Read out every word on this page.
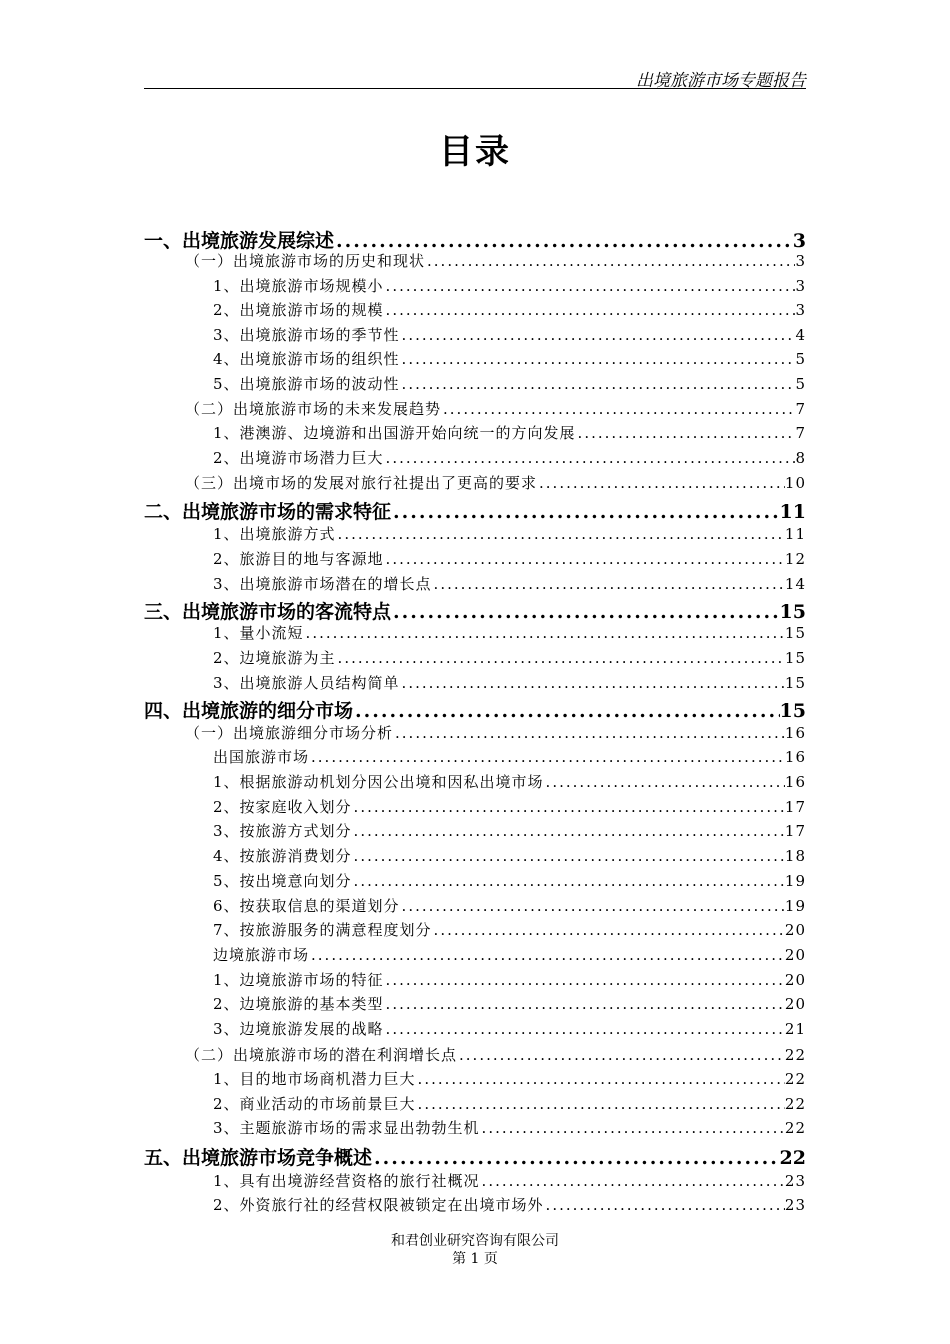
出境旅游市场专题报告
目录
一、出境旅游发展综述 .....	3
（一）出境旅游市场的历史和现状 .....	3
1、出境旅游市场规模小 .....	3
2、出境旅游市场的规模 .....	3
3、出境旅游市场的季节性 .....	4
4、出境旅游市场的组织性 .....	5
5、出境旅游市场的波动性 .....	5
（二）出境旅游市场的未来发展趋势 .....	7
1、港澳游、边境游和出国游开始向统一的方向发展 .....	7
2、出境游市场潜力巨大 .....	8
（三）出境市场的发展对旅行社提出了更高的要求 .....	10
二、出境旅游市场的需求特征 .....	11
1、出境旅游方式 .....	11
2、旅游目的地与客源地 .....	12
3、出境旅游市场潜在的增长点 .....	14
三、出境旅游市场的客流特点 .....	15
1、量小流短 .....	15
2、边境旅游为主 .....	15
3、出境旅游人员结构简单 .....	15
四、出境旅游的细分市场 .....	15
（一）出境旅游细分市场分析 .....	16
出国旅游市场 .....	16
1、根据旅游动机划分因公出境和因私出境市场 .....	16
2、按家庭收入划分 .....	17
3、按旅游方式划分 .....	17
4、按旅游消费划分 .....	18
5、按出境意向划分 .....	19
6、按获取信息的渠道划分 .....	19
7、按旅游服务的满意程度划分 .....	20
边境旅游市场 .....	20
1、边境旅游市场的特征 .....	20
2、边境旅游的基本类型 .....	20
3、边境旅游发展的战略 .....	21
（二）出境旅游市场的潜在利润增长点 .....	22
1、目的地市场商机潜力巨大 .....	22
2、商业活动的市场前景巨大 .....	22
3、主题旅游市场的需求显出勃勃生机 .....	22
五、出境旅游市场竞争概述 .....	22
1、具有出境游经营资格的旅行社概况 .....	23
2、外资旅行社的经营权限被锁定在出境市场外 .....	23
和君创业研究咨询有限公司
第 1 页
